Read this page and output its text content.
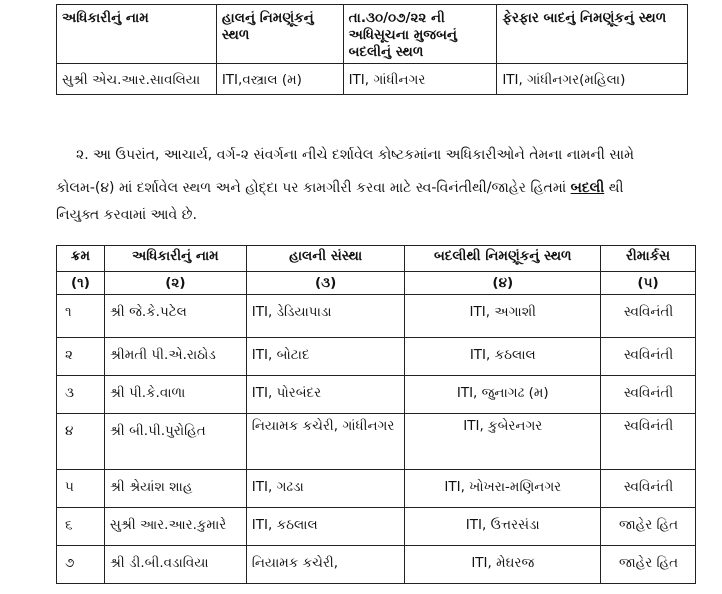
અધિકારીનું નામ	હાલનું નિમણૂંકનું સ્થળ	તા.૩૦/૦૭/૨૨ ની અધિસૂચના મુજબનું બદલીનું સ્થળ	ફેરફાર બાદનું નિમણૂંકનું સ્થળ
સુશ્રી એચ.આર.સાવલિયા	ITI,વસ્ત્રાલ (મ)	ITI, ગાંધીનગર	ITI, ગાંધીનગર(મહિલા)
૨. આ ઉપરાંત, આચાર્ય, વર્ગ-૨ સંવર્ગના નીચે દર્શાવેલ કોષ્ટકમાંના અધિકારીઓને તેમના નામની સામે
કોલમ-(૪) માં દર્શાવેલ સ્થળ અને હોદ્દા પર કામગીરી કરવા માટે સ્વ-વિનંતીથી/જાહેર હિતમાં બદલી થી
નિયુક્ત કરવામાં આવે છે.
ક્રમ	અધિકારીનું નામ	હાલની સંસ્થા	બદલીથી નિમણૂંકનું સ્થળ	રીમાર્કસ
(૧)	(૨)	(૩)	(૪)	(૫)
૧	શ્રી જે.કે.પટેલ	ITI, ડેડિયાપાડા	ITI, અગાશી	સ્વવિનંતી
૨	શ્રીમતી પી.એ.રાઠોડ	ITI, બોટાદ	ITI, કઠલાલ	સ્વવિનંતી
૩	શ્રી પી.કે.વાળા	ITI, પોરબંદર	ITI, જુનાગઢ (મ)	સ્વવિનંતી
૪	શ્રી બી.પી.પુરોહિત	નિયામક કચેરી, ગાંધીનગર	ITI, કુબેરનગર	સ્વવિનંતી
૫	શ્રી શ્રેયાંશ શાહ	ITI, ગઢડા	ITI, ખોખરા-મણિનગર	સ્વવિનંતી
૬	સુશ્રી આર.આર.કુમારે	ITI, કઠલાલ	ITI, ઉત્તરસંડા	જાહેર હિત
૭	શ્રી ડી.બી.વડાવિયા	નિયામક કચેરી,	ITI, મેઘરજ	જાહેર હિત
